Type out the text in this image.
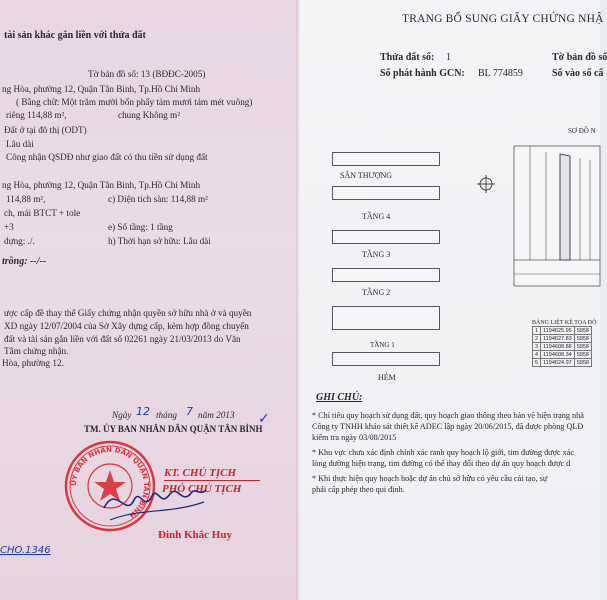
tài sản khác gắn liền với thửa đất
Tờ bản đồ số: 13 (BĐĐC-2005)
ng Hòa, phường 12, Quận Tân Bình, Tp.Hồ Chí Minh
( Bằng chữ: Một trăm mười bốn phẩy tám mươi tám mét vuông)
riêng 114,88 m²,	chung Không m²
Đất ở tại đô thị (ODT)
Lâu dài
Công nhận QSDĐ như giao đất có thu tiền sử dụng đất
ng Hòa, phường 12, Quận Tân Bình, Tp.Hồ Chí Minh
114,88 m²,	c) Diện tích sàn: 114,88 m²
ch, mái BTCT + tole
+3	e) Số tầng: 1 tầng
dựng: ./.	h) Thời hạn sở hữu: Lâu dài
trồng: --/--
ược cấp đề thay thế Giấy chứng nhận quyền sở hữu nhà ở và quyền
XD ngày 12/07/2004 của Sở Xây dựng cấp, kèm hợp đồng chuyển
đất và tài sản gắn liền với đất số 02261 ngày 21/03/2013 do Văn
Tâm chứng nhận.
Hòa, phường 12.
Ngày 12 tháng 7 năm 2013
TM. ỦY BAN NHÂN DÂN QUẬN TÂN BÌNH
✓
KT. CHỦ TỊCH
PHÓ CHỦ TỊCH
ỦY BAN NHÂN DÂN QUẬN TÂN BÌNH
Đinh Khắc Huy
CHO.1346
TRANG BỔ SUNG GIẤY CHỨNG NHẬ
Thửa đất số: 1	Tờ bản đồ số
Số phát hành GCN: BL 774859	Số vào số cấ
SƠ ĐỒ N
SÂN THƯỢNG
TẦNG 4
TẦNG 3
TẦNG 2
TẦNG 1
HẺM
BẢNG LIỆT KÊ TỌA ĐỘ
1	1194625.95	5958
2	1194627.83	5958
3	1194608.88	5958
4	1194608.34	5958
5	1194624.97	5958
GHI CHÚ:
* Chỉ tiêu quy hoạch sử dụng đất, quy hoạch giao thông theo bản vẽ hiện trạng nhà
Công ty TNHH khảo sát thiết kế ADEC lập ngày 20/06/2015, đã được phòng QLĐ
kiểm tra ngày 03/08/2015
* Khu vực chưa xác định chính xác ranh quy hoạch lộ giới, tim đường được xác
lòng đường hiện trạng, tim đường có thể thay đổi theo dự án quy hoạch được d
* Khi thực hiện quy hoạch hoặc dự án chủ sở hữu có yêu cầu cải tạo, sự
phải cấp phép theo qui định.
